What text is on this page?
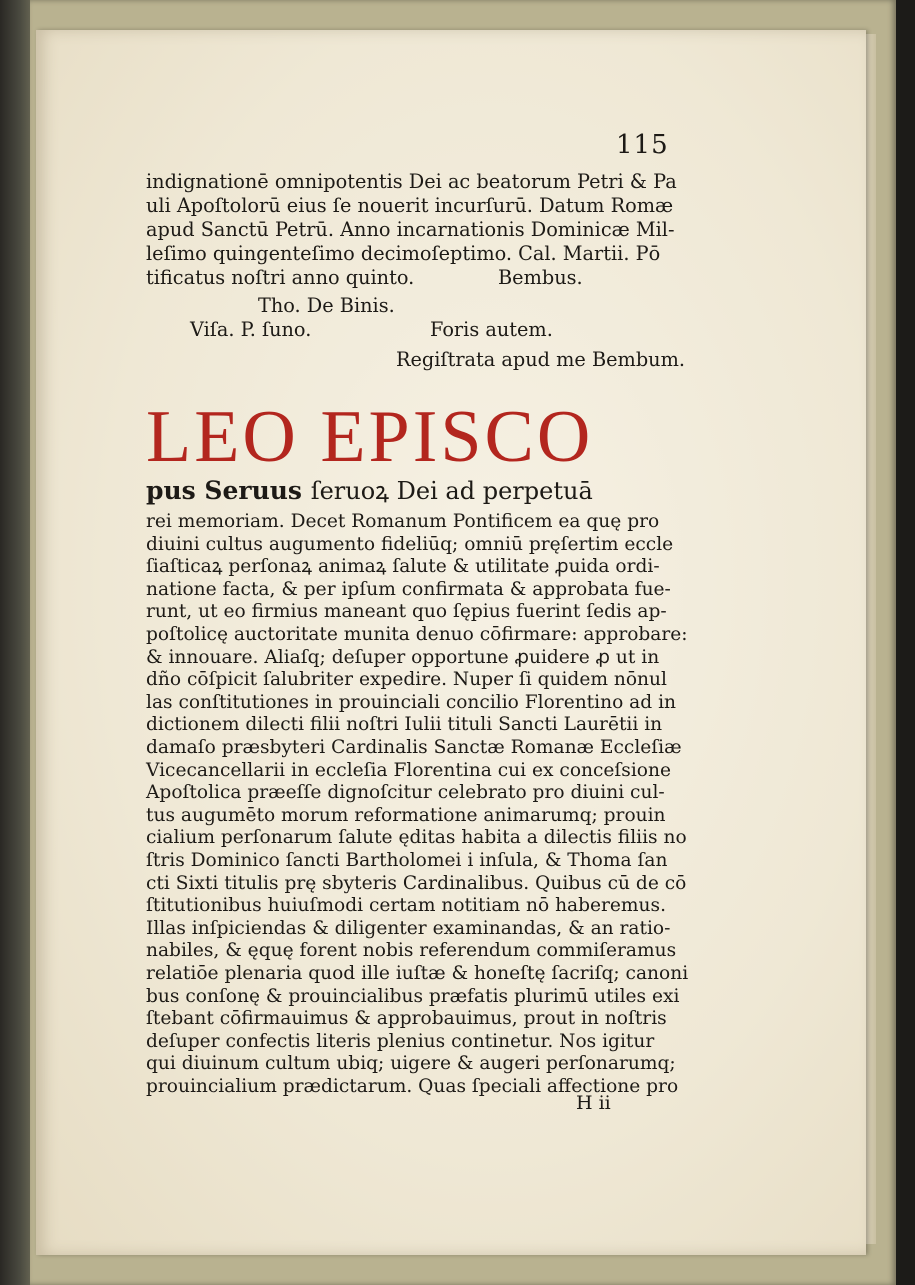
115
indignationē omnipotentis Dei ac beatorum Petri & Pa
uli Apoſtolorū eius ſe nouerit incurſurū. Datum Romæ
apud Sanctū Petrū. Anno incarnationis Dominicæ Mil-
leſimo quingenteſimo decimoſeptimo. Cal. Martii. Pō
tificatus noſtri anno quinto.	Bembus.
Tho. De Binis.
Viſa. P. ſuno.	Foris autem.
Regiſtrata apud me Bembum.
LEO EPISCO
pus Seruus ſeruoꝝ Dei ad perpetuā
rei memoriam. Decet Romanum Pontificem ea quę pro
diuini cultus augumento fideliūq; omniū pręſertim eccle
ſiaſticaꝝ perſonaꝝ animaꝝ ſalute & utilitate ꝓuida ordi-
natione facta, & per ipſum confirmata & approbata fue-
runt, ut eo firmius maneant quo ſępius fuerint ſedis ap-
poſtolicę auctoritate munita denuo cōfirmare: approbare:
& innouare. Aliaſq; deſuper opportune ꝓuidere ꝓ ut in
dño cōſpicit ſalubriter expedire. Nuper ſi quidem nōnul
las conſtitutiones in prouinciali concilio Florentino ad in
dictionem dilecti filii noſtri Iulii tituli Sancti Laurētii in
damaſo præsbyteri Cardinalis Sanctæ Romanæ Eccleſiæ
Vicecancellarii in eccleſia Florentina cui ex conceſsione
Apoſtolica præeſſe dignoſcitur celebrato pro diuini cul-
tus augumēto morum reformatione animarumq; prouin
cialium perſonarum ſalute ęditas habita a dilectis filiis no
ſtris Dominico ſancti Bartholomei i inſula, & Thoma ſan
cti Sixti titulis prę sbyteris Cardinalibus. Quibus cū de cō
ſtitutionibus huiuſmodi certam notitiam nō haberemus.
Illas inſpiciendas & diligenter examinandas, & an ratio-
nabiles, & ęquę forent nobis referendum commiſeramus
relatiōe plenaria quod ille iuſtæ & honeſtę ſacriſq; canoni
bus conſonę & prouincialibus præfatis plurimū utiles exi
ſtebant cōfirmauimus & approbauimus, prout in noſtris
deſuper confectis literis plenius continetur. Nos igitur
qui diuinum cultum ubiq; uigere & augeri perſonarumq;
prouincialium prædictarum. Quas ſpeciali affectione pro
H ii
